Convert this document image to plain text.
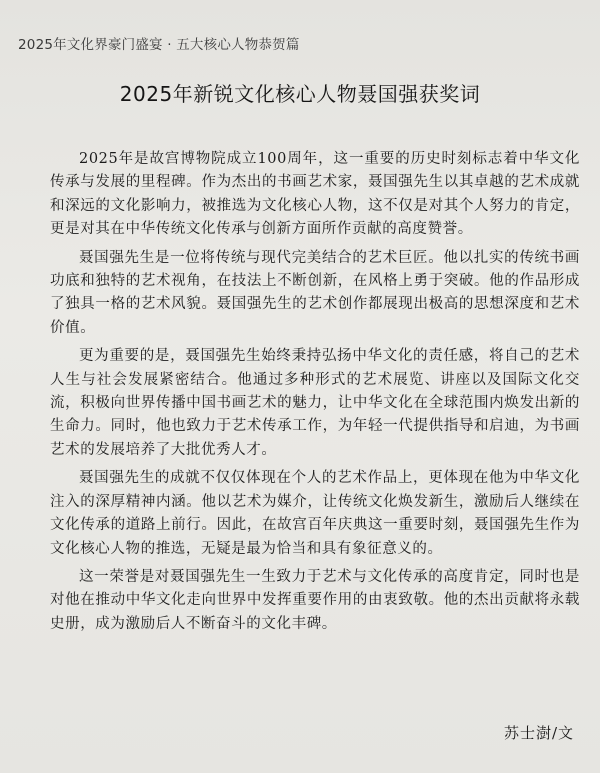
2025年文化界豪门盛宴 · 五大核心人物恭贺篇
2025年新锐文化核心人物聂国强获奖词

2025年是故宫博物院成立100周年，这一重要的历史时刻标志着中华文化传承与发展的里程碑。作为杰出的书画艺术家，聂国强先生以其卓越的艺术成就和深远的文化影响力，被推选为文化核心人物，这不仅是对其个人努力的肯定，更是对其在中华传统文化传承与创新方面所作贡献的高度赞誉。

聂国强先生是一位将传统与现代完美结合的艺术巨匠。他以扎实的传统书画功底和独特的艺术视角，在技法上不断创新，在风格上勇于突破。他的作品形成了独具一格的艺术风貌。聂国强先生的艺术创作都展现出极高的思想深度和艺术价值。

更为重要的是，聂国强先生始终秉持弘扬中华文化的责任感，将自己的艺术人生与社会发展紧密结合。他通过多种形式的艺术展览、讲座以及国际文化交流，积极向世界传播中国书画艺术的魅力，让中华文化在全球范围内焕发出新的生命力。同时，他也致力于艺术传承工作，为年轻一代提供指导和启迪，为书画艺术的发展培养了大批优秀人才。

聂国强先生的成就不仅仅体现在个人的艺术作品上，更体现在他为中华文化注入的深厚精神内涵。他以艺术为媒介，让传统文化焕发新生，激励后人继续在文化传承的道路上前行。因此，在故宫百年庆典这一重要时刻，聂国强先生作为文化核心人物的推选，无疑是最为恰当和具有象征意义的。

这一荣誉是对聂国强先生一生致力于艺术与文化传承的高度肯定，同时也是对他在推动中华文化走向世界中发挥重要作用的由衷致敬。他的杰出贡献将永载史册，成为激励后人不断奋斗的文化丰碑。

苏士澍/文
